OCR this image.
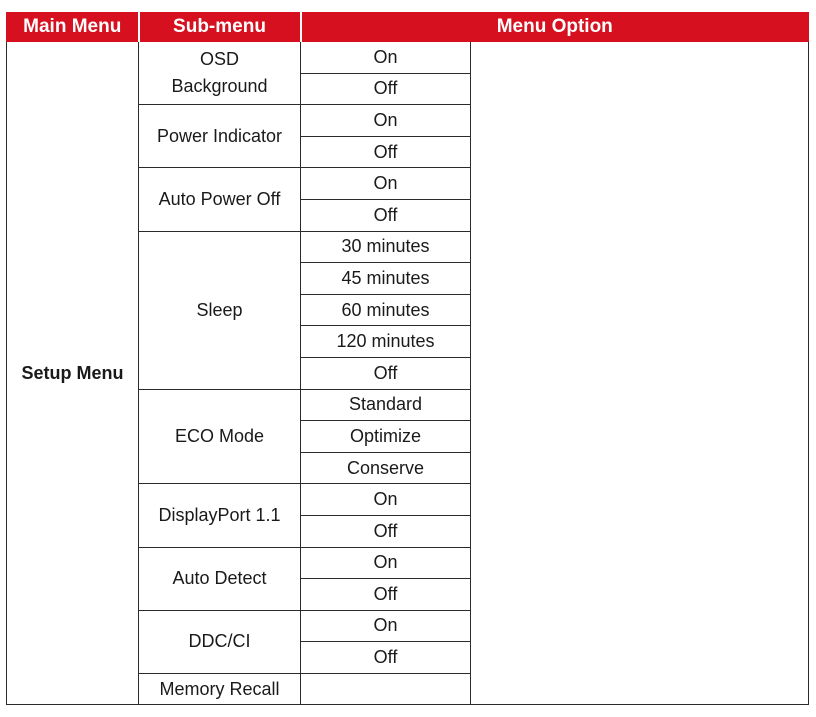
Main Menu	Sub-menu	Menu Option	
Setup Menu	OSD Background	On	
		Off	
	Power Indicator	On	
		Off	
	Auto Power Off	On	
		Off	
	Sleep	30 minutes	
		45 minutes	
		60 minutes	
		120 minutes	
		Off	
	ECO Mode	Standard	
		Optimize	
		Conserve	
	DisplayPort 1.1	On	
		Off	
	Auto Detect	On	
		Off	
	DDC/CI	On	
		Off	
	Memory Recall		
